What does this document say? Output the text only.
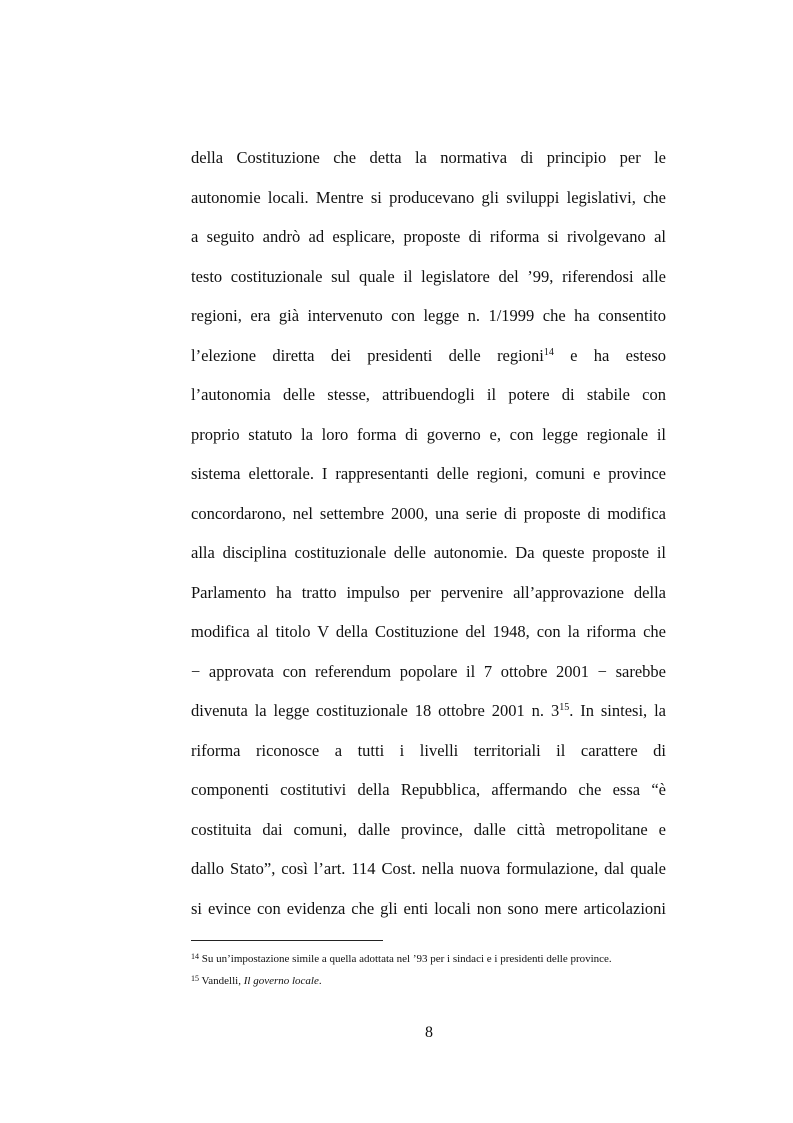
della Costituzione che detta la normativa di principio per le
autonomie locali. Mentre si producevano gli sviluppi legislativi, che
a seguito andrò ad esplicare, proposte di riforma si rivolgevano al
testo costituzionale sul quale il legislatore del ’99, riferendosi alle
regioni, era già intervenuto con legge n. 1/1999 che ha consentito
l’elezione diretta dei presidenti delle regioni$^{14}$ e ha esteso
l’autonomia delle stesse, attribuendogli il potere di stabile con
proprio statuto la loro forma di governo e, con legge regionale il
sistema elettorale. I rappresentanti delle regioni, comuni e province
concordarono, nel settembre 2000, una serie di proposte di modifica
alla disciplina costituzionale delle autonomie. Da queste proposte il
Parlamento ha tratto impulso per pervenire all’approvazione della
modifica al titolo V della Costituzione del 1948, con la riforma che
− approvata con referendum popolare il 7 ottobre 2001 − sarebbe
divenuta la legge costituzionale 18 ottobre 2001 n. $3^{15}$. In sintesi, la
riforma riconosce a tutti i livelli territoriali il carattere di
componenti costitutivi della Repubblica, affermando che essa “è
costituita dai comuni, dalle province, dalle città metropolitane e
dallo Stato”, così l’art. 114 Cost. nella nuova formulazione, dal quale
si evince con evidenza che gli enti locali non sono mere articolazioni
$^{14}$ Su un’impostazione simile a quella adottata nel ’93 per i sindaci e i presidenti delle province.
$^{15}$ Vandelli, Il governo locale.
8
